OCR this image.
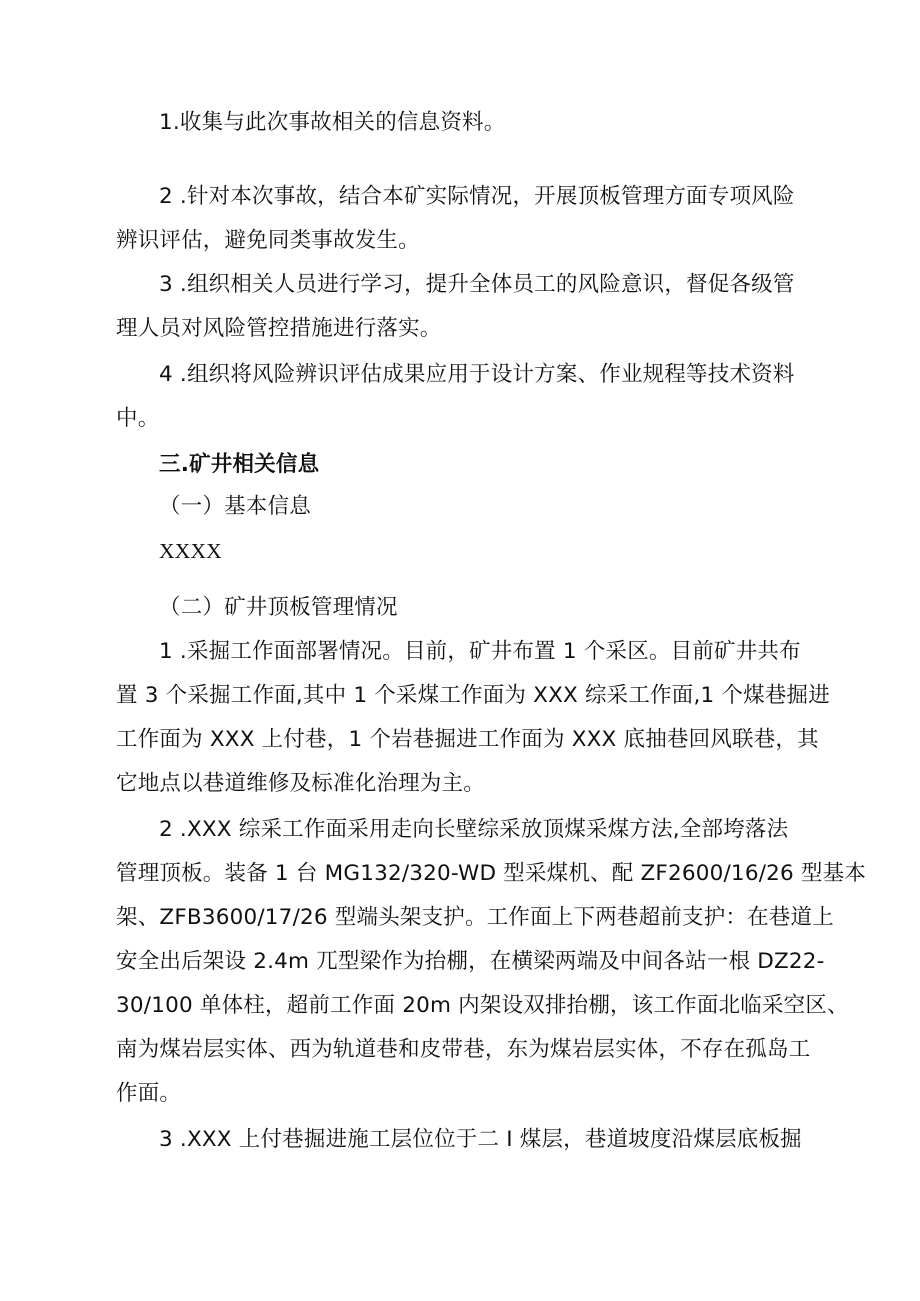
1.收集与此次事故相关的信息资料。
2 .针对本次事故，结合本矿实际情况，开展顶板管理方面专项风险
辨识评估，避免同类事故发生。
3 .组织相关人员进行学习，提升全体员工的风险意识，督促各级管
理人员对风险管控措施进行落实。
4 .组织将风险辨识评估成果应用于设计方案、作业规程等技术资料
中。
三.矿井相关信息
（一）基本信息
XXXX
（二）矿井顶板管理情况
1 .采掘工作面部署情况。目前，矿井布置 1 个采区。目前矿井共布
置 3 个采掘工作面,其中 1 个采煤工作面为 XXX 综采工作面,1 个煤巷掘进
工作面为 XXX 上付巷，1 个岩巷掘进工作面为 XXX 底抽巷回风联巷，其
它地点以巷道维修及标准化治理为主。
2 .XXX 综采工作面采用走向长壁综采放顶煤采煤方法,全部垮落法
管理顶板。装备 1 台 MG132/320-WD 型采煤机、配 ZF2600/16/26 型基本
架、ZFB3600/17/26 型端头架支护。工作面上下两巷超前支护：在巷道上
安全出后架设 2.4m 兀型梁作为抬棚，在横梁两端及中间各站一根 DZ22-
30/100 单体柱，超前工作面 20m 内架设双排抬棚，该工作面北临采空区、
南为煤岩层实体、西为轨道巷和皮带巷，东为煤岩层实体，不存在孤岛工
作面。
3 .XXX 上付巷掘进施工层位位于二 I 煤层，巷道坡度沿煤层底板掘
